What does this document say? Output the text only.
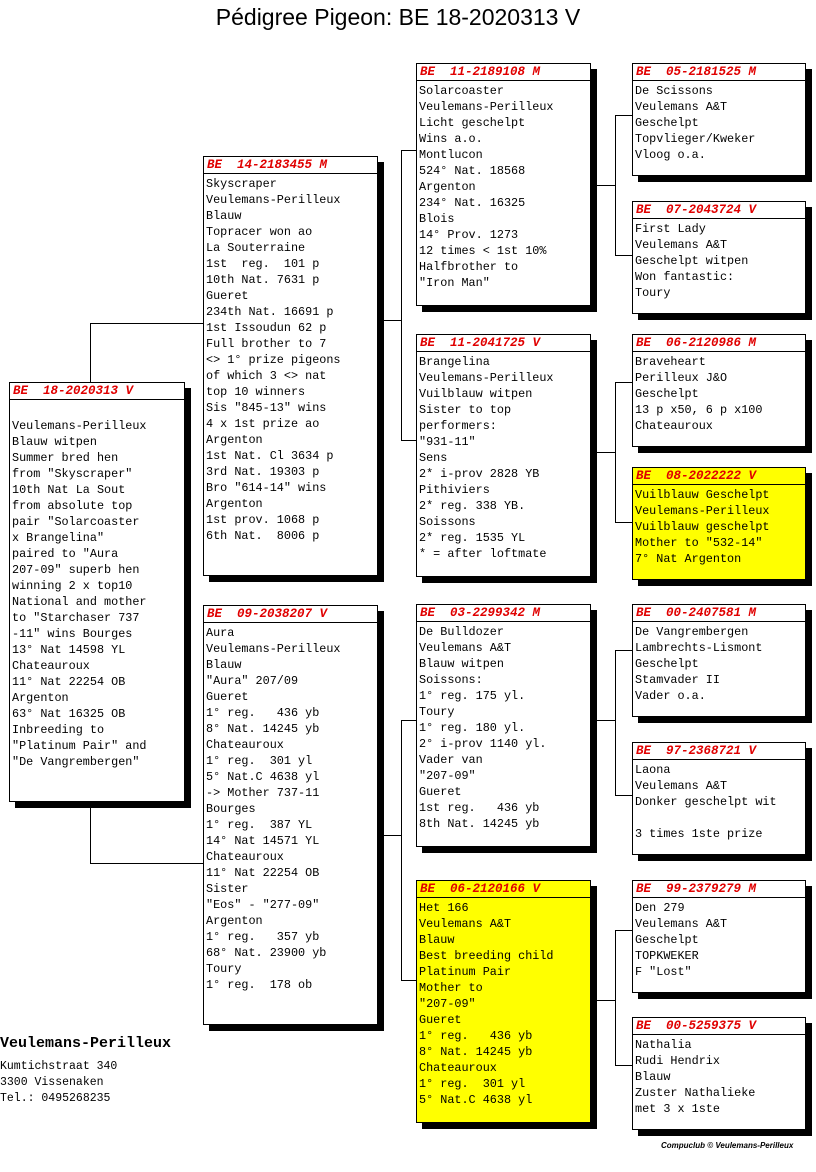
Pédigree Pigeon: BE 18-2020313 V
BE  18-2020313 V
Veulemans-Perilleux
Blauw witpen
Summer bred hen
from "Skyscraper"
10th Nat La Sout
from absolute top
pair "Solarcoaster
x Brangelina"
paired to "Aura
207-09" superb hen
winning 2 x top10
National and mother
to "Starchaser 737
-11" wins Bourges
13° Nat 14598 YL
Chateauroux
11° Nat 22254 OB
Argenton
63° Nat 16325 OB
Inbreeding to
"Platinum Pair" and
"De Vangrembergen"
BE  14-2183455 M
Skyscraper
Veulemans-Perilleux
Blauw
Topracer won ao
La Souterraine
1st  reg.  101 p
10th Nat. 7631 p
Gueret
234th Nat. 16691 p
1st Issoudun 62 p
Full brother to 7
<> 1° prize pigeons
of which 3 <> nat
top 10 winners
Sis "845-13" wins
4 x 1st prize ao
Argenton
1st Nat. Cl 3634 p
3rd Nat. 19303 p
Bro "614-14" wins
Argenton
1st prov. 1068 p
6th Nat.  8006 p
BE  09-2038207 V
Aura
Veulemans-Perilleux
Blauw
"Aura" 207/09
Gueret
1° reg.   436 yb
8° Nat. 14245 yb
Chateauroux
1° reg.  301 yl
5° Nat.C 4638 yl
-> Mother 737-11
Bourges
1° reg.  387 YL
14° Nat 14571 YL
Chateauroux
11° Nat 22254 OB
Sister
"Eos" - "277-09"
Argenton
1° reg.   357 yb
68° Nat. 23900 yb
Toury
1° reg.  178 ob
BE  11-2189108 M
Solarcoaster
Veulemans-Perilleux
Licht geschelpt
Wins a.o.
Montlucon
524° Nat. 18568
Argenton
234° Nat. 16325
Blois
14° Prov. 1273
12 times < 1st 10%
Halfbrother to
"Iron Man"
BE  11-2041725 V
Brangelina
Veulemans-Perilleux
Vuilblauw witpen
Sister to top
performers:
"931-11"
Sens
2* i-prov 2828 YB
Pithiviers
2* reg. 338 YB.
Soissons
2* reg. 1535 YL
* = after loftmate
BE  03-2299342 M
De Bulldozer
Veulemans A&T
Blauw witpen
Soissons:
1° reg. 175 yl.
Toury
1° reg. 180 yl.
2° i-prov 1140 yl.
Vader van
"207-09"
Gueret
1st reg.   436 yb
8th Nat. 14245 yb
BE  06-2120166 V
Het 166
Veulemans A&T
Blauw
Best breeding child
Platinum Pair
Mother to
"207-09"
Gueret
1° reg.   436 yb
8° Nat. 14245 yb
Chateauroux
1° reg.  301 yl
5° Nat.C 4638 yl
BE  05-2181525 M
De Scissons
Veulemans A&T
Geschelpt
Topvlieger/Kweker
Vloog o.a.
BE  07-2043724 V
First Lady
Veulemans A&T
Geschelpt witpen
Won fantastic:
Toury
BE  06-2120986 M
Braveheart
Perilleux J&O
Geschelpt
13 p x50, 6 p x100
Chateauroux
BE  08-2022222 V
Vuilblauw Geschelpt
Veulemans-Perilleux
Vuilblauw geschelpt
Mother to "532-14"
7° Nat Argenton
BE  00-2407581 M
De Vangrembergen
Lambrechts-Lismont
Geschelpt
Stamvader II
Vader o.a.
BE  97-2368721 V
Laona
Veulemans A&T
Donker geschelpt wit
3 times 1ste prize
BE  99-2379279 M
Den 279
Veulemans A&T
Geschelpt
TOPKWEKER
F "Lost"
BE  00-5259375 V
Nathalia
Rudi Hendrix
Blauw
Zuster Nathalieke
met 3 x 1ste
Veulemans-Perilleux
Kumtichstraat 340
3300 Vissenaken
Tel.: 0495268235
Compuclub © Veulemans-Perilleux
